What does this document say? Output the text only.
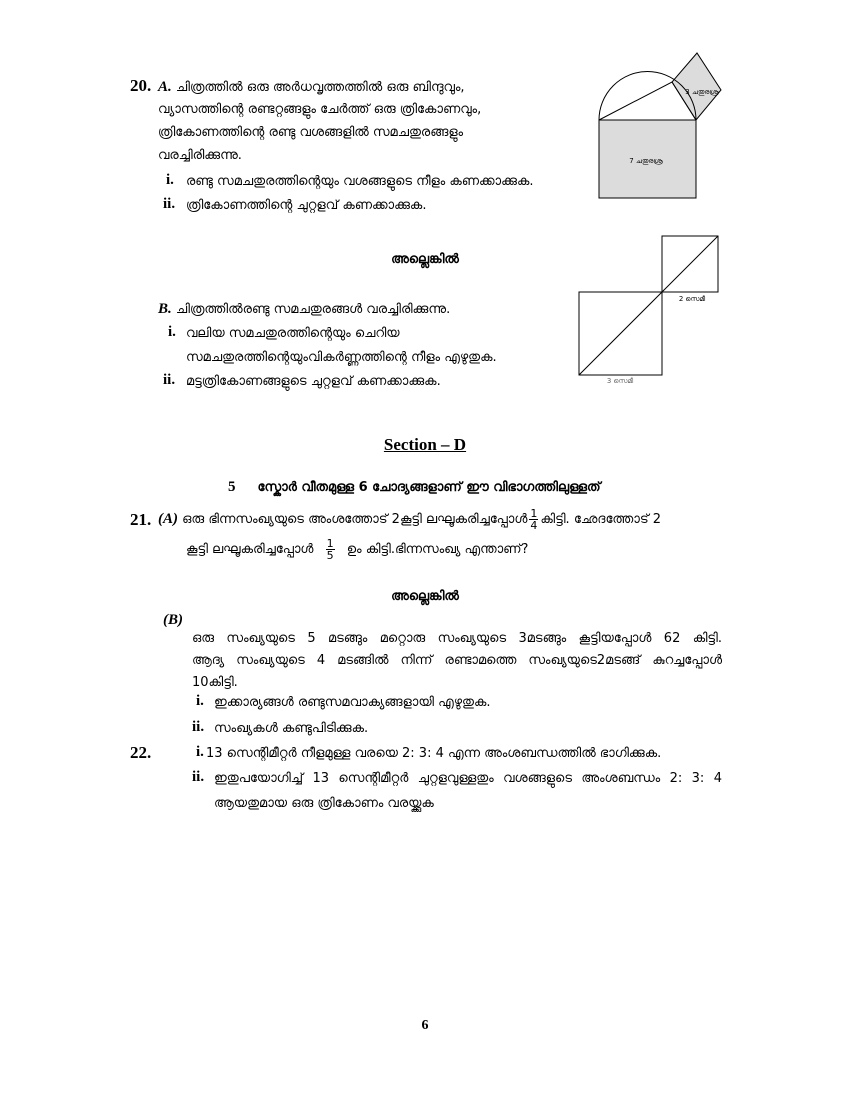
20. A. ചിത്രത്തിൽ ഒരു അർധവൃത്തത്തിൽ ഒരു ബിന്ദുവും,
വ്യാസത്തിന്റെ രണ്ടറ്റങ്ങളും ചേർത്ത് ഒരു ത്രികോണവും,
ത്രികോണത്തിന്റെ രണ്ടു വശങ്ങളിൽ സമചതുരങ്ങളും
വരച്ചിരിക്കുന്നു.
i. രണ്ടു സമചതുരത്തിന്റെയും വശങ്ങളുടെ നീളം കണക്കാക്കുക.
ii. ത്രികോണത്തിന്റെ ചുറ്റളവ് കണക്കാക്കുക.
3 ചതുരശ്ര
7 ചതുരശ്ര
അല്ലെങ്കിൽ
B. ചിത്രത്തിൽരണ്ടു സമചതുരങ്ങൾ വരച്ചിരിക്കുന്നു.
i. വലിയ സമചതുരത്തിന്റെയും ചെറിയ
സമചതുരത്തിന്റെയുംവികർണ്ണത്തിന്റെ നീളം എഴുതുക.
ii. മട്ടത്രികോണങ്ങളുടെ ചുറ്റളവ് കണക്കാക്കുക.
2 സെമീ
3 സെമീ
Section – D
5 സ്കോർ വീതമുള്ള 6 ചോദ്യങ്ങളാണ് ഈ വിഭാഗത്തിലുള്ളത്
21. (A) ഒരു ഭിന്നസംഖ്യയുടെ അംശത്തോട് 2കൂട്ടി ലഘൂകരിച്ചപ്പോൾ $\frac{1}{4}$ കിട്ടി. ഛേദത്തോട് 2
കൂട്ടി ലഘൂകരിച്ചപ്പോൾ $\frac{1}{5}$ ഉം കിട്ടി.ഭിന്നസംഖ്യ എന്താണ്?
അല്ലെങ്കിൽ
(B)
ഒരു സംഖ്യയുടെ 5 മടങ്ങും മറ്റൊരു സംഖ്യയുടെ 3മടങ്ങും കൂട്ടിയപ്പോൾ 62 കിട്ടി.
ആദ്യ സംഖ്യയുടെ 4 മടങ്ങിൽ നിന്ന് രണ്ടാമത്തെ സംഖ്യയുടെ2മടങ്ങ് കുറച്ചപ്പോൾ
10കിട്ടി.
i. ഇക്കാര്യങ്ങൾ രണ്ടുസമവാക്യങ്ങളായി എഴുതുക.
ii. സംഖ്യകൾ കണ്ടുപിടിക്കുക.
22.	i. 13 സെന്റിമീറ്റർ നീളമുള്ള വരയെ 2: 3: 4 എന്ന അംശബന്ധത്തിൽ ഭാഗിക്കുക.
ii. ഇതുപയോഗിച്ച് 13 സെന്റിമീറ്റർ ചുറ്റളവുള്ളതും വശങ്ങളുടെ അംശബന്ധം 2: 3: 4
ആയതുമായ ഒരു ത്രികോണം വരയ്ക്കുക
6
